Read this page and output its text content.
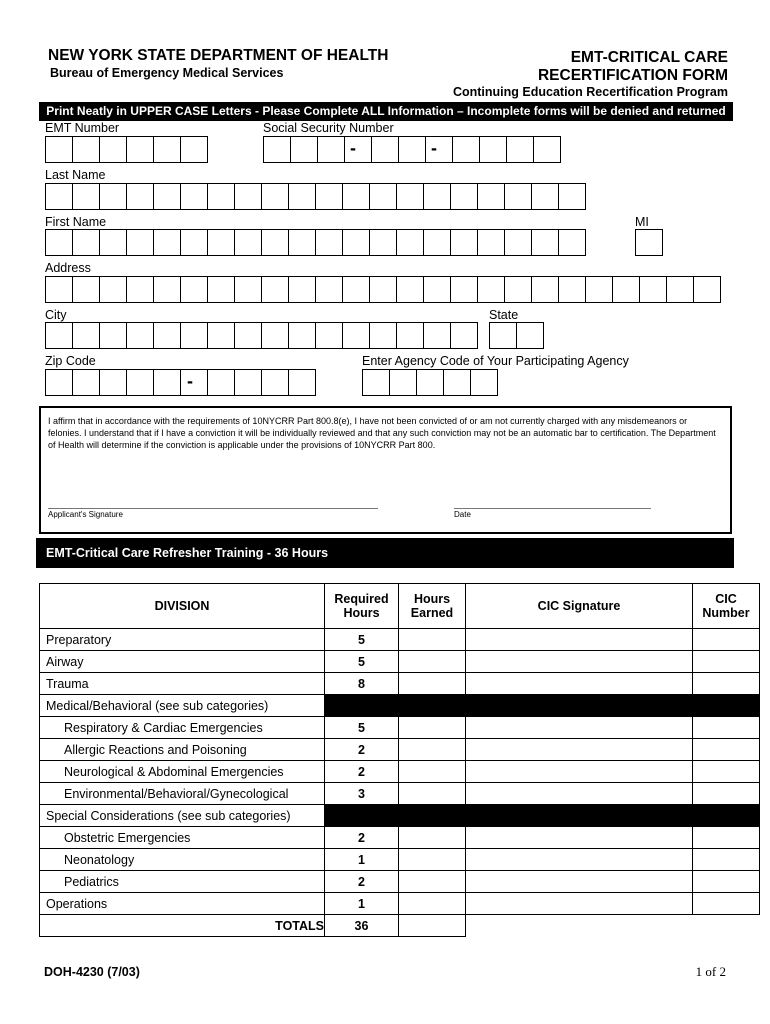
NEW YORK STATE DEPARTMENT OF HEALTH
Bureau of Emergency Medical Services
EMT-CRITICAL CARE
RECERTIFICATION FORM
Continuing Education Recertification Program
Print Neatly in UPPER CASE Letters - Please Complete ALL Information – Incomplete forms will be denied and returned
EMT Number	Social Security Number
-	-
Last Name
First Name	MI
Address
City	State
Zip Code	Enter Agency Code of Your Participating Agency
-
I affirm that in accordance with the requirements of 10NYCRR Part 800.8(e), I have not been convicted of or am not currently charged with any misdemeanors or felonies. I understand that if I have a conviction it will be individually reviewed and that any such conviction may not be an automatic bar to certification. The Department of Health will determine if the conviction is applicable under the provisions of 10NYCRR Part 800.
Applicant's Signature	Date
EMT-Critical Care Refresher Training - 36 Hours
DIVISION	Required Hours	Hours Earned	CIC Signature	CIC Number
Preparatory	5			
Airway	5			
Trauma	8			
Medical/Behavioral (see sub categories)				
Respiratory & Cardiac Emergencies	5			
Allergic Reactions and Poisoning	2			
Neurological & Abdominal Emergencies	2			
Environmental/Behavioral/Gynecological	3			
Special Considerations (see sub categories)				
Obstetric Emergencies	2			
Neonatology	1			
Pediatrics	2			
Operations	1			
TOTALS	36			
DOH-4230 (7/03)	1 of 2
